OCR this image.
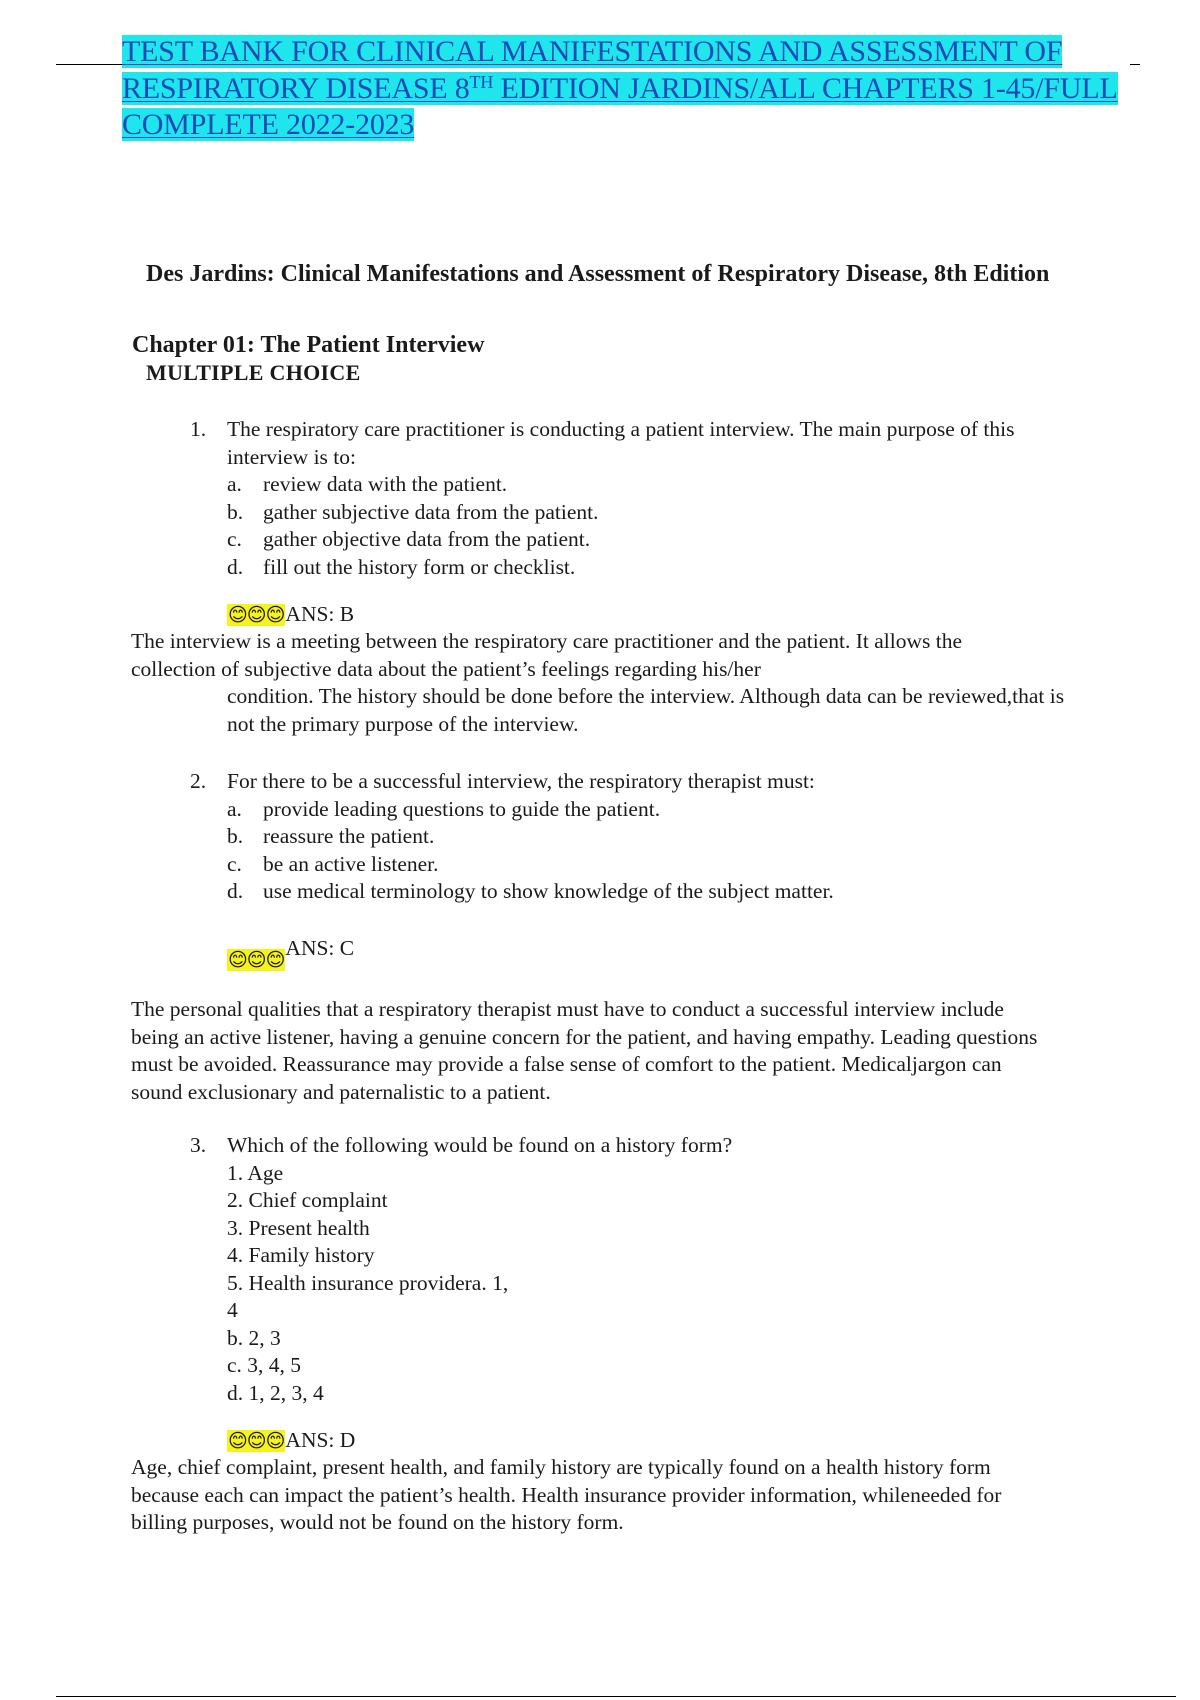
TEST BANK FOR CLINICAL MANIFESTATIONS AND ASSESSMENT OF
RESPIRATORY DISEASE 8TH EDITION JARDINS/ALL CHAPTERS 1-45/FULL
COMPLETE 2022-2023
Des Jardins: Clinical Manifestations and Assessment of Respiratory Disease, 8th Edition
Chapter 01: The Patient Interview
MULTIPLE CHOICE
1. The respiratory care practitioner is conducting a patient interview. The main purpose of this
interview is to:
a. review data with the patient.
b. gather subjective data from the patient.
c. gather objective data from the patient.
d. fill out the history form or checklist.
😊😊😊ANS: B
The interview is a meeting between the respiratory care practitioner and the patient. It allows the
collection of subjective data about the patient’s feelings regarding his/her
condition. The history should be done before the interview. Although data can be reviewed,that is
not the primary purpose of the interview.
2. For there to be a successful interview, the respiratory therapist must:
a. provide leading questions to guide the patient.
b. reassure the patient.
c. be an active listener.
d. use medical terminology to show knowledge of the subject matter.
😊😊😊ANS: C
The personal qualities that a respiratory therapist must have to conduct a successful interview include
being an active listener, having a genuine concern for the patient, and having empathy. Leading questions
must be avoided. Reassurance may provide a false sense of comfort to the patient. Medicaljargon can
sound exclusionary and paternalistic to a patient.
3. Which of the following would be found on a history form?
1. Age
2. Chief complaint
3. Present health
4. Family history
5. Health insurance providera. 1,
4
b. 2, 3
c. 3, 4, 5
d. 1, 2, 3, 4
😊😊😊ANS: D
Age, chief complaint, present health, and family history are typically found on a health history form
because each can impact the patient’s health. Health insurance provider information, whileneeded for
billing purposes, would not be found on the history form.
